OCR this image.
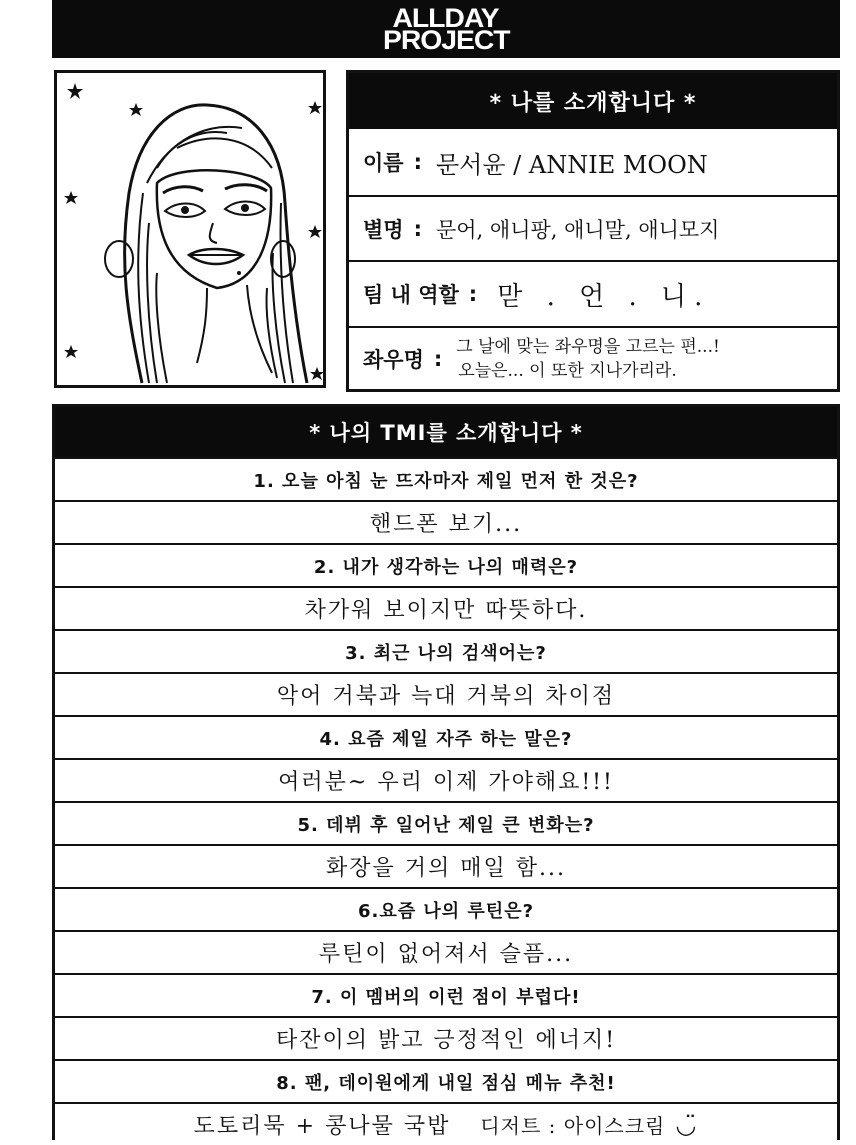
ALLDAY
PROJECT
* 나를 소개합니다 *
이름 : 문서윤 / ANNIE MOON
별명 : 문어, 애니팡, 애니말, 애니모지
팀 내 역할 : 맏 . 언 . 니.
좌우명 : 그 날에 맞는 좌우명을 고르는 편...!
오늘은... 이 또한 지나가리라.
* 나의 TMI를 소개합니다 *
1. 오늘 아침 눈 뜨자마자 제일 먼저 한 것은?
핸드폰 보기...
2. 내가 생각하는 나의 매력은?
차가워 보이지만 따뜻하다.
3. 최근 나의 검색어는?
악어 거북과 늑대 거북의 차이점
4. 요즘 제일 자주 하는 말은?
여러분~ 우리 이제 가야해요!!!
5. 데뷔 후 일어난 제일 큰 변화는?
화장을 거의 매일 함...
6.요즘 나의 루틴은?
루틴이 없어져서 슬픔...
7. 이 멤버의 이런 점이 부럽다!
타잔이의 밝고 긍정적인 에너지!
8. 팬, 데이원에게 내일 점심 메뉴 추천!
도토리묵 + 콩나물 국밥 디저트 : 아이스크림 ◡̈
